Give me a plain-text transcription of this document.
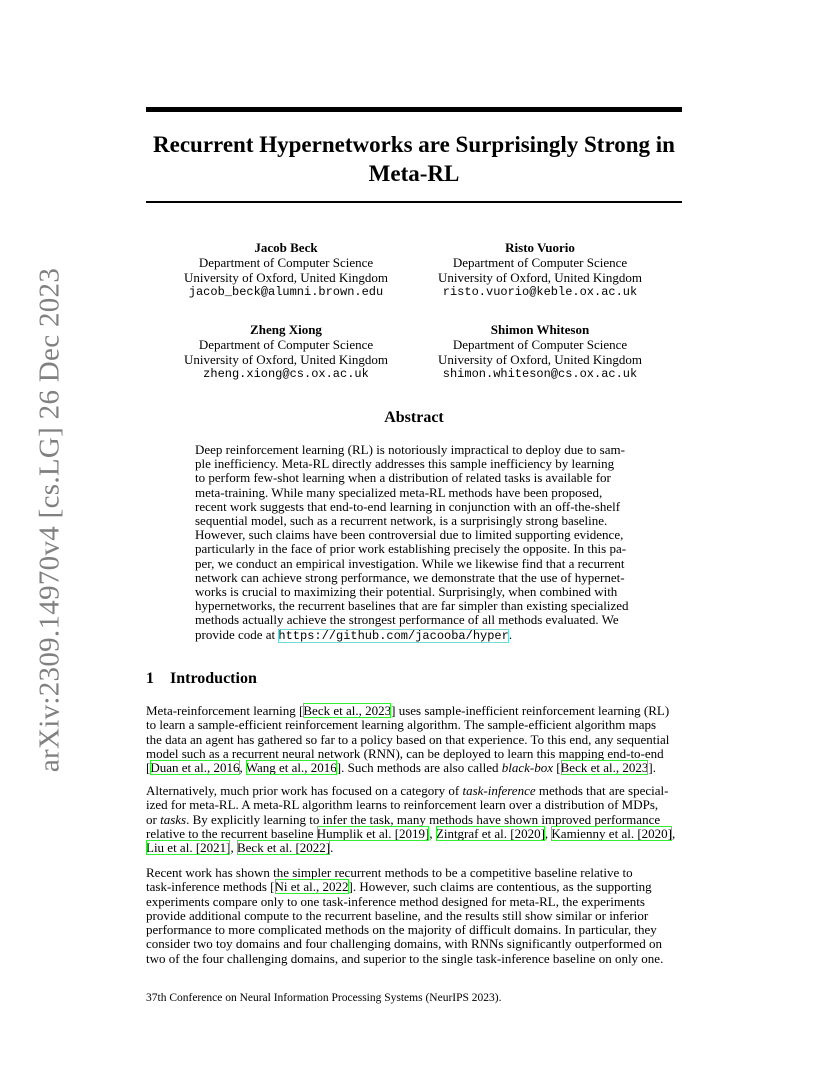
arXiv:2309.14970v4 [cs.LG] 26 Dec 2023
Recurrent Hypernetworks are Surprisingly Strong in
Meta-RL
Jacob Beck
Department of Computer Science
University of Oxford, United Kingdom
jacob_beck@alumni.brown.edu
Risto Vuorio
Department of Computer Science
University of Oxford, United Kingdom
risto.vuorio@keble.ox.ac.uk
Zheng Xiong
Department of Computer Science
University of Oxford, United Kingdom
zheng.xiong@cs.ox.ac.uk
Shimon Whiteson
Department of Computer Science
University of Oxford, United Kingdom
shimon.whiteson@cs.ox.ac.uk
Abstract
Deep reinforcement learning (RL) is notoriously impractical to deploy due to sam-
ple inefficiency. Meta-RL directly addresses this sample inefficiency by learning
to perform few-shot learning when a distribution of related tasks is available for
meta-training. While many specialized meta-RL methods have been proposed,
recent work suggests that end-to-end learning in conjunction with an off-the-shelf
sequential model, such as a recurrent network, is a surprisingly strong baseline.
However, such claims have been controversial due to limited supporting evidence,
particularly in the face of prior work establishing precisely the opposite. In this pa-
per, we conduct an empirical investigation. While we likewise find that a recurrent
network can achieve strong performance, we demonstrate that the use of hypernet-
works is crucial to maximizing their potential. Surprisingly, when combined with
hypernetworks, the recurrent baselines that are far simpler than existing specialized
methods actually achieve the strongest performance of all methods evaluated. We
provide code at https://github.com/jacooba/hyper.
1 Introduction
Meta-reinforcement learning [Beck et al., 2023] uses sample-inefficient reinforcement learning (RL)
to learn a sample-efficient reinforcement learning algorithm. The sample-efficient algorithm maps
the data an agent has gathered so far to a policy based on that experience. To this end, any sequential
model such as a recurrent neural network (RNN), can be deployed to learn this mapping end-to-end
[Duan et al., 2016, Wang et al., 2016]. Such methods are also called black-box [Beck et al., 2023].
Alternatively, much prior work has focused on a category of task-inference methods that are special-
ized for meta-RL. A meta-RL algorithm learns to reinforcement learn over a distribution of MDPs,
or tasks. By explicitly learning to infer the task, many methods have shown improved performance
relative to the recurrent baseline Humplik et al. [2019], Zintgraf et al. [2020], Kamienny et al. [2020],
Liu et al. [2021], Beck et al. [2022].
Recent work has shown the simpler recurrent methods to be a competitive baseline relative to
task-inference methods [Ni et al., 2022]. However, such claims are contentious, as the supporting
experiments compare only to one task-inference method designed for meta-RL, the experiments
provide additional compute to the recurrent baseline, and the results still show similar or inferior
performance to more complicated methods on the majority of difficult domains. In particular, they
consider two toy domains and four challenging domains, with RNNs significantly outperformed on
two of the four challenging domains, and superior to the single task-inference baseline on only one.
37th Conference on Neural Information Processing Systems (NeurIPS 2023).
